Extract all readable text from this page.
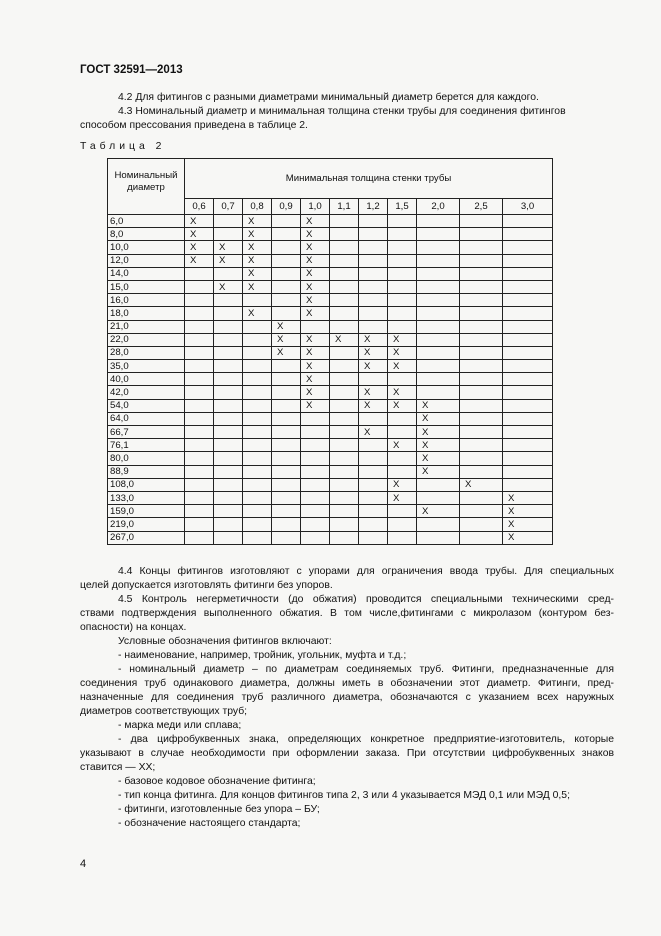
ГОСТ 32591—2013
4.2 Для фитингов с разными диаметрами минимальный диаметр берется для каждого.
4.3 Номинальный диаметр и минимальная толщина стенки трубы для соединения фитингов
способом прессования приведена в таблице 2.
Таблица 2
Номинальный диаметр	Минимальная толщина стенки трубы										
	0,6	0,7	0,8	0,9	1,0	1,1	1,2	1,5	2,0	2,5	3,0
6,0	X		X		X						
8,0	X		X		X						
10,0	X	X	X		X						
12,0	X	X	X		X						
14,0			X		X						
15,0		X	X		X						
16,0					X						
18,0			X		X						
21,0				X							
22,0				X	X	X	X	X			
28,0				X	X		X	X			
35,0					X		X	X			
40,0					X						
42,0					X		X	X			
54,0					X		X	X	X		
64,0									X		
66,7							X		X		
76,1								X	X		
80,0									X		
88,9									X		
108,0								X		X	
133,0								X			X
159,0									X		X
219,0											X
267,0											X
4.4 Концы фитингов изготовляют с упорами для ограничения ввода трубы. Для специальных
целей допускается изготовлять фитинги без упоров.
4.5 Контроль негерметичности (до обжатия) проводится специальными техническими сред-
ствами подтверждения выполненного обжатия. В том числе,фитингами с микролазом (контуром без-
опасности) на концах.
Условные обозначения фитингов включают:
- наименование, например, тройник, угольник, муфта и т.д.;
- номинальный диаметр – по диаметрам соединяемых труб. Фитинги, предназначенные для
соединения труб одинакового диаметра, должны иметь в обозначении этот диаметр. Фитинги, пред-
назначенные для соединения труб различного диаметра, обозначаются с указанием всех наружных
диаметров соответствующих труб;
- марка меди или сплава;
- два цифробуквенных знака, определяющих конкретное предприятие-изготовитель, которые
указывают в случае необходимости при оформлении заказа. При отсутствии цифробуквенных знаков
ставится — XX;
- базовое кодовое обозначение фитинга;
- тип конца фитинга. Для концов фитингов типа 2, 3 или 4 указывается МЭД 0,1 или МЭД 0,5;
- фитинги, изготовленные без упора – БУ;
- обозначение настоящего стандарта;
4
